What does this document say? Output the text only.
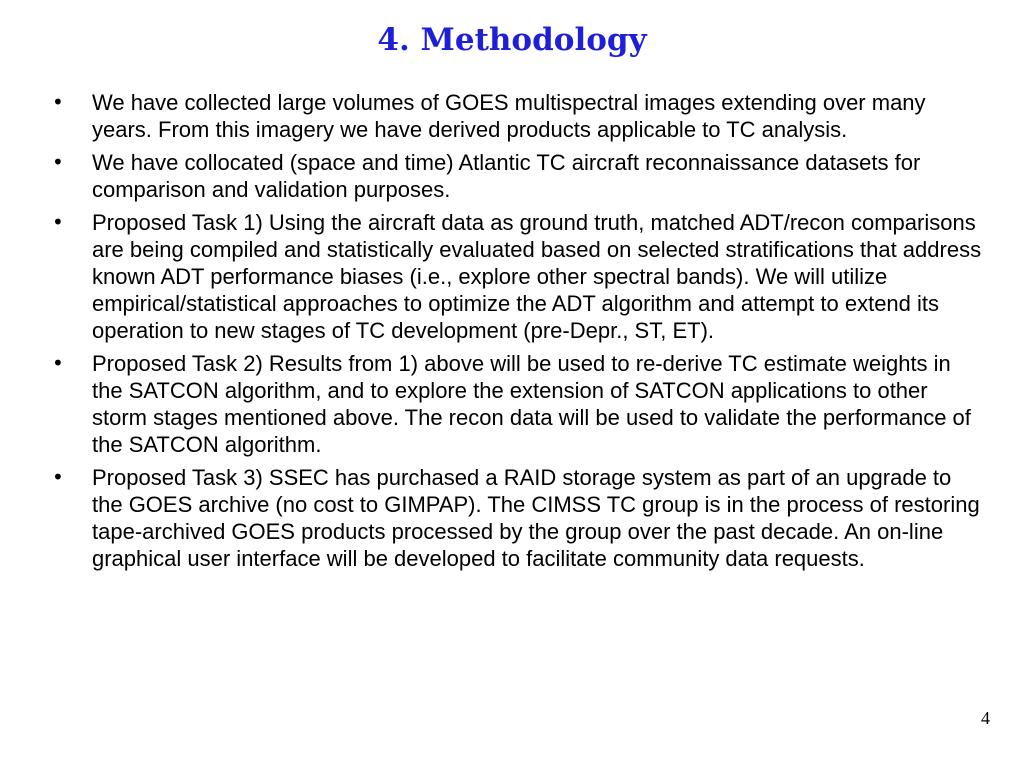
4. Methodology
•	We have collected large volumes of GOES multispectral images extending over many years. From this imagery we have derived products applicable to TC analysis.
•	We have collocated (space and time) Atlantic TC aircraft reconnaissance datasets for comparison and validation purposes.
•	Proposed Task 1) Using the aircraft data as ground truth, matched ADT/recon comparisons are being compiled and statistically evaluated based on selected stratifications that address known ADT performance biases (i.e., explore other spectral bands). We will utilize empirical/statistical approaches to optimize the ADT algorithm and attempt to extend its operation to new stages of TC development (pre-Depr., ST, ET).
•	Proposed Task 2) Results from 1) above will be used to re-derive TC estimate weights in the SATCON algorithm, and to explore the extension of SATCON applications to other storm stages mentioned above. The recon data will be used to validate the performance of the SATCON algorithm.
•	Proposed Task 3) SSEC has purchased a RAID storage system as part of an upgrade to the GOES archive (no cost to GIMPAP). The CIMSS TC group is in the process of restoring tape-archived GOES products processed by the group over the past decade. An on-line graphical user interface will be developed to facilitate community data requests.
4
